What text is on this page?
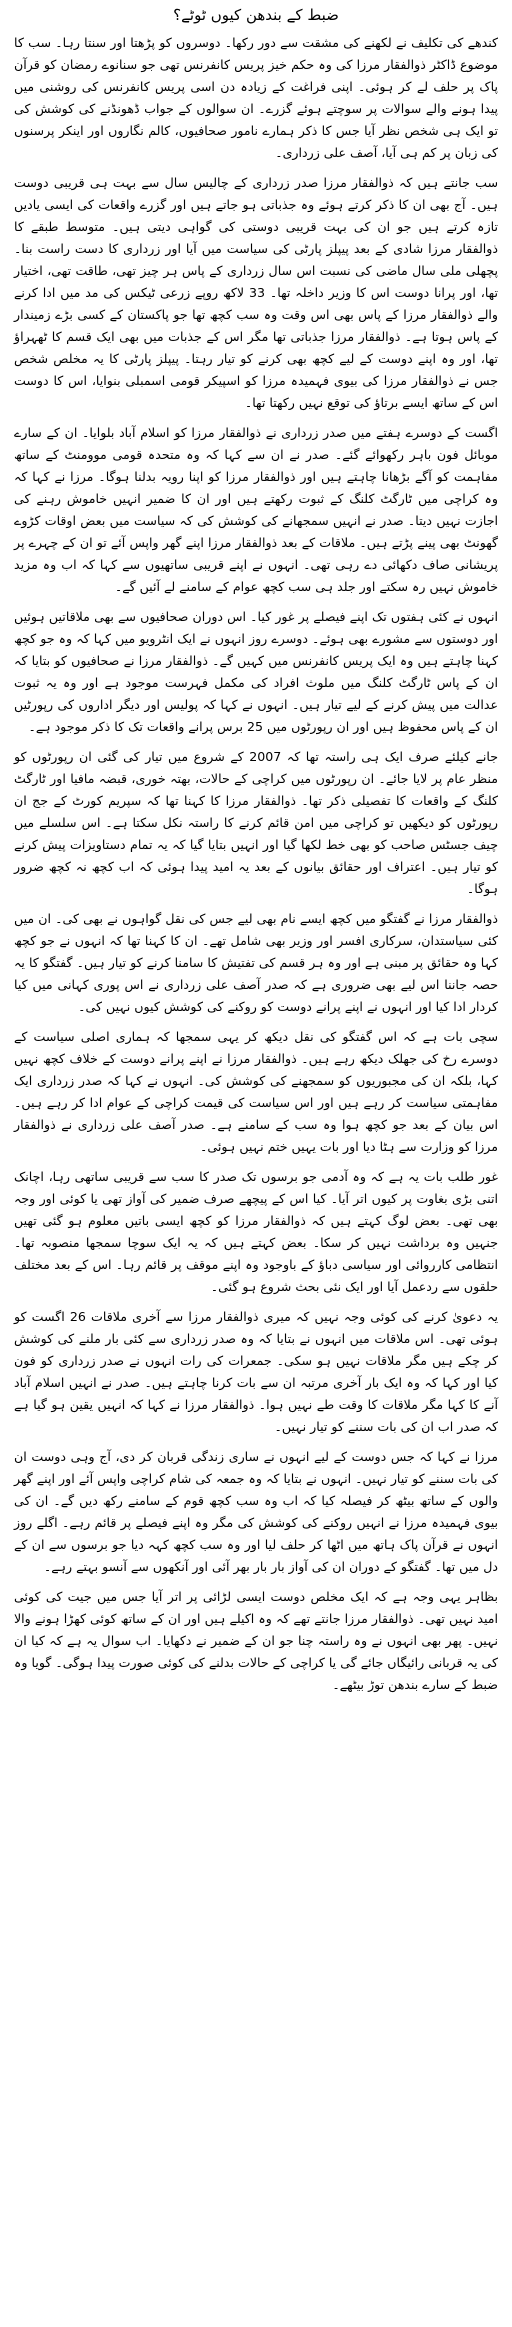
ضبط کے بندھن کیوں ٹوٹے؟

کندھے کی تکلیف نے لکھنے کی مشقت سے دور رکھا۔ دوسروں کو پڑھتا اور سنتا رہا۔ سب کا موضوع ڈاکٹر ذوالفقار مرزا کی وہ حکم خیز پریس کانفرنس تھی جو سنانوے رمضان کو قرآن پاک پر حلف لے کر ہوئی۔ اپنی فراغت کے زیادہ دن اسی پریس کانفرنس کی روشنی میں پیدا ہونے والے سوالات پر سوچتے ہوئے گزرے۔ ان سوالوں کے جواب ڈھونڈنے کی کوشش کی تو ایک ہی شخص نظر آیا جس کا ذکر ہمارے نامور صحافیوں، کالم نگاروں اور اینکر پرسنوں کی زبان پر کم ہی آیا، آصف علی زرداری۔

سب جانتے ہیں کہ ذوالفقار مرزا صدر زرداری کے چالیس سال سے بہت ہی قریبی دوست ہیں۔ آج بھی ان کا ذکر کرتے ہوئے وہ جذباتی ہو جاتے ہیں اور گزرے واقعات کی ایسی یادیں تازہ کرتے ہیں جو ان کی بہت قریبی دوستی کی گواہی دیتی ہیں۔ متوسط طبقے کا ذوالفقار مرزا شادی کے بعد پیپلز پارٹی کی سیاست میں آیا اور زرداری کا دست راست بنا۔ پچھلی ملی سال ماضی کی نسبت اس سال زرداری کے پاس ہر چیز تھی، طاقت تھی، اختیار تھا، اور پرانا دوست اس کا وزیر داخلہ تھا۔ 33 لاکھ روپے زرعی ٹیکس کی مد میں ادا کرنے والے ذوالفقار مرزا کے پاس بھی اس وقت وہ سب کچھ تھا جو پاکستان کے کسی بڑے زمیندار کے پاس ہوتا ہے۔ ذوالفقار مرزا جذباتی تھا مگر اس کے جذبات میں بھی ایک قسم کا ٹھہراؤ تھا، اور وہ اپنے دوست کے لیے کچھ بھی کرنے کو تیار رہتا۔ پیپلز پارٹی کا یہ مخلص شخص جس نے ذوالفقار مرزا کی بیوی فہمیدہ مرزا کو اسپیکر قومی اسمبلی بنوایا، اس کا دوست اس کے ساتھ ایسے برتاؤ کی توقع نہیں رکھتا تھا۔

اگست کے دوسرے ہفتے میں صدر زرداری نے ذوالفقار مرزا کو اسلام آباد بلوایا۔ ان کے سارے موبائل فون باہر رکھوائے گئے۔ صدر نے ان سے کہا کہ وہ متحدہ قومی موومنٹ کے ساتھ مفاہمت کو آگے بڑھانا چاہتے ہیں اور ذوالفقار مرزا کو اپنا رویہ بدلنا ہوگا۔ مرزا نے کہا کہ وہ کراچی میں ٹارگٹ کلنگ کے ثبوت رکھتے ہیں اور ان کا ضمیر انہیں خاموش رہنے کی اجازت نہیں دیتا۔ صدر نے انہیں سمجھانے کی کوشش کی کہ سیاست میں بعض اوقات کڑوے گھونٹ بھی پینے پڑتے ہیں۔ ملاقات کے بعد ذوالفقار مرزا اپنے گھر واپس آئے تو ان کے چہرے پر پریشانی صاف دکھائی دے رہی تھی۔ انہوں نے اپنے قریبی ساتھیوں سے کہا کہ اب وہ مزید خاموش نہیں رہ سکتے اور جلد ہی سب کچھ عوام کے سامنے لے آئیں گے۔

انہوں نے کئی ہفتوں تک اپنے فیصلے پر غور کیا۔ اس دوران صحافیوں سے بھی ملاقاتیں ہوئیں اور دوستوں سے مشورے بھی ہوئے۔ دوسرے روز انہوں نے ایک انٹرویو میں کہا کہ وہ جو کچھ کہنا چاہتے ہیں وہ ایک پریس کانفرنس میں کہیں گے۔ ذوالفقار مرزا نے صحافیوں کو بتایا کہ ان کے پاس ٹارگٹ کلنگ میں ملوث افراد کی مکمل فہرست موجود ہے اور وہ یہ ثبوت عدالت میں پیش کرنے کے لیے تیار ہیں۔ انہوں نے کہا کہ پولیس اور دیگر اداروں کی رپورٹیں ان کے پاس محفوظ ہیں اور ان رپورٹوں میں 25 برس پرانے واقعات تک کا ذکر موجود ہے۔

جانے کیلئے صرف ایک ہی راستہ تھا کہ 2007 کے شروع میں تیار کی گئی ان رپورٹوں کو منظر عام پر لایا جائے۔ ان رپورٹوں میں کراچی کے حالات، بھتہ خوری، قبضہ مافیا اور ٹارگٹ کلنگ کے واقعات کا تفصیلی ذکر تھا۔ ذوالفقار مرزا کا کہنا تھا کہ سپریم کورٹ کے جج ان رپورٹوں کو دیکھیں تو کراچی میں امن قائم کرنے کا راستہ نکل سکتا ہے۔ اس سلسلے میں چیف جسٹس صاحب کو بھی خط لکھا گیا اور انہیں بتایا گیا کہ یہ تمام دستاویزات پیش کرنے کو تیار ہیں۔ اعتراف اور حقائق بیانوں کے بعد یہ امید پیدا ہوئی کہ اب کچھ نہ کچھ ضرور ہوگا۔

ذوالفقار مرزا نے گفتگو میں کچھ ایسے نام بھی لیے جس کی نقل گواہوں نے بھی کی۔ ان میں کئی سیاستدان، سرکاری افسر اور وزیر بھی شامل تھے۔ ان کا کہنا تھا کہ انہوں نے جو کچھ کہا وہ حقائق پر مبنی ہے اور وہ ہر قسم کی تفتیش کا سامنا کرنے کو تیار ہیں۔ گفتگو کا یہ حصہ جاننا اس لیے بھی ضروری ہے کہ صدر آصف علی زرداری نے اس پوری کہانی میں کیا کردار ادا کیا اور انہوں نے اپنے پرانے دوست کو روکنے کی کوشش کیوں نہیں کی۔

سچی بات ہے کہ اس گفتگو کی نقل دیکھ کر یہی سمجھا کہ ہماری اصلی سیاست کے دوسرے رخ کی جھلک دیکھ رہے ہیں۔ ذوالفقار مرزا نے اپنے پرانے دوست کے خلاف کچھ نہیں کہا، بلکہ ان کی مجبوریوں کو سمجھنے کی کوشش کی۔ انہوں نے کہا کہ صدر زرداری ایک مفاہمتی سیاست کر رہے ہیں اور اس سیاست کی قیمت کراچی کے عوام ادا کر رہے ہیں۔ اس بیان کے بعد جو کچھ ہوا وہ سب کے سامنے ہے۔ صدر آصف علی زرداری نے ذوالفقار مرزا کو وزارت سے ہٹا دیا اور بات یہیں ختم نہیں ہوئی۔

غور طلب بات یہ ہے کہ وہ آدمی جو برسوں تک صدر کا سب سے قریبی ساتھی رہا، اچانک اتنی بڑی بغاوت پر کیوں اتر آیا۔ کیا اس کے پیچھے صرف ضمیر کی آواز تھی یا کوئی اور وجہ بھی تھی۔ بعض لوگ کہتے ہیں کہ ذوالفقار مرزا کو کچھ ایسی باتیں معلوم ہو گئی تھیں جنہیں وہ برداشت نہیں کر سکا۔ بعض کہتے ہیں کہ یہ ایک سوچا سمجھا منصوبہ تھا۔ انتظامی کارروائی اور سیاسی دباؤ کے باوجود وہ اپنے موقف پر قائم رہا۔ اس کے بعد مختلف حلقوں سے ردعمل آیا اور ایک نئی بحث شروع ہو گئی۔

یہ دعویٰ کرنے کی کوئی وجہ نہیں کہ میری ذوالفقار مرزا سے آخری ملاقات 26 اگست کو ہوئی تھی۔ اس ملاقات میں انہوں نے بتایا کہ وہ صدر زرداری سے کئی بار ملنے کی کوشش کر چکے ہیں مگر ملاقات نہیں ہو سکی۔ جمعرات کی رات انہوں نے صدر زرداری کو فون کیا اور کہا کہ وہ ایک بار آخری مرتبہ ان سے بات کرنا چاہتے ہیں۔ صدر نے انہیں اسلام آباد آنے کا کہا مگر ملاقات کا وقت طے نہیں ہوا۔ ذوالفقار مرزا نے کہا کہ انہیں یقین ہو گیا ہے کہ صدر اب ان کی بات سننے کو تیار نہیں۔

مرزا نے کہا کہ جس دوست کے لیے انہوں نے ساری زندگی قربان کر دی، آج وہی دوست ان کی بات سننے کو تیار نہیں۔ انہوں نے بتایا کہ وہ جمعہ کی شام کراچی واپس آئے اور اپنے گھر والوں کے ساتھ بیٹھ کر فیصلہ کیا کہ اب وہ سب کچھ قوم کے سامنے رکھ دیں گے۔ ان کی بیوی فہمیدہ مرزا نے انہیں روکنے کی کوشش کی مگر وہ اپنے فیصلے پر قائم رہے۔ اگلے روز انہوں نے قرآن پاک ہاتھ میں اٹھا کر حلف لیا اور وہ سب کچھ کہہ دیا جو برسوں سے ان کے دل میں تھا۔ گفتگو کے دوران ان کی آواز بار بار بھر آئی اور آنکھوں سے آنسو بہتے رہے۔

بظاہر یہی وجہ ہے کہ ایک مخلص دوست ایسی لڑائی پر اتر آیا جس میں جیت کی کوئی امید نہیں تھی۔ ذوالفقار مرزا جانتے تھے کہ وہ اکیلے ہیں اور ان کے ساتھ کوئی کھڑا ہونے والا نہیں۔ پھر بھی انہوں نے وہ راستہ چنا جو ان کے ضمیر نے دکھایا۔ اب سوال یہ ہے کہ کیا ان کی یہ قربانی رائیگاں جائے گی یا کراچی کے حالات بدلنے کی کوئی صورت پیدا ہوگی۔ گویا وہ ضبط کے سارے بندھن توڑ بیٹھے۔
